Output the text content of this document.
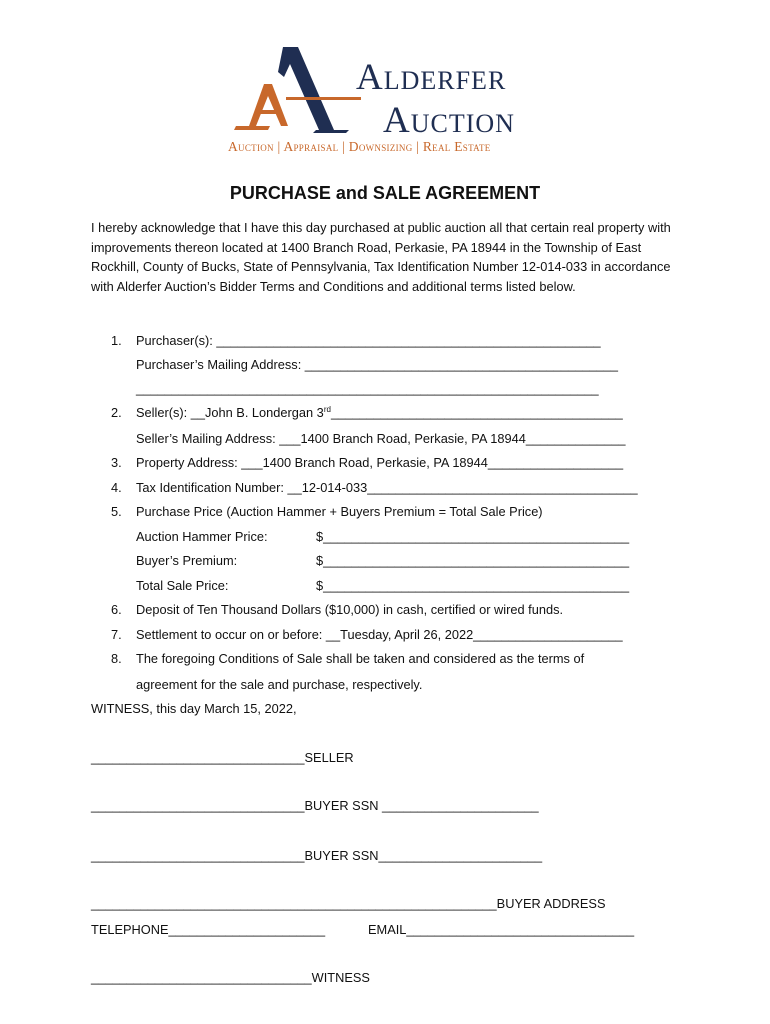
Alderfer
Auction
Auction | Appraisal | Downsizing | Real Estate
PURCHASE and SALE AGREEMENT

I hereby acknowledge that I have this day purchased at public auction all that certain real property with improvements thereon located at 1400 Branch Road, Perkasie, PA 18944 in the Township of East Rockhill, County of Bucks, State of Pennsylvania, Tax Identification Number 12-014-033 in accordance with Alderfer Auction’s Bidder Terms and Conditions and additional terms listed below.

1. Purchaser(s): ______________________________________________________
Purchaser’s Mailing Address: ____________________________________________
_________________________________________________________________
2. Seller(s): __John B. Londergan 3rd_________________________________________
Seller’s Mailing Address: ___1400 Branch Road, Perkasie, PA 18944______________
3. Property Address: ___1400 Branch Road, Perkasie, PA 18944___________________
4. Tax Identification Number: __12-014-033______________________________________
5. Purchase Price (Auction Hammer + Buyers Premium = Total Sale Price)
Auction Hammer Price:	$___________________________________________
Buyer’s Premium:	$___________________________________________
Total Sale Price:	$___________________________________________
6. Deposit of Ten Thousand Dollars ($10,000) in cash, certified or wired funds.
7. Settlement to occur on or before: __Tuesday, April 26, 2022_____________________
8. The foregoing Conditions of Sale shall be taken and considered as the terms of
agreement for the sale and purchase, respectively.
WITNESS, this day March 15, 2022,
______________________________SELLER
______________________________BUYER SSN ______________________
______________________________BUYER SSN_______________________
_________________________________________________________BUYER ADDRESS
TELEPHONE______________________	EMAIL________________________________
_______________________________WITNESS
